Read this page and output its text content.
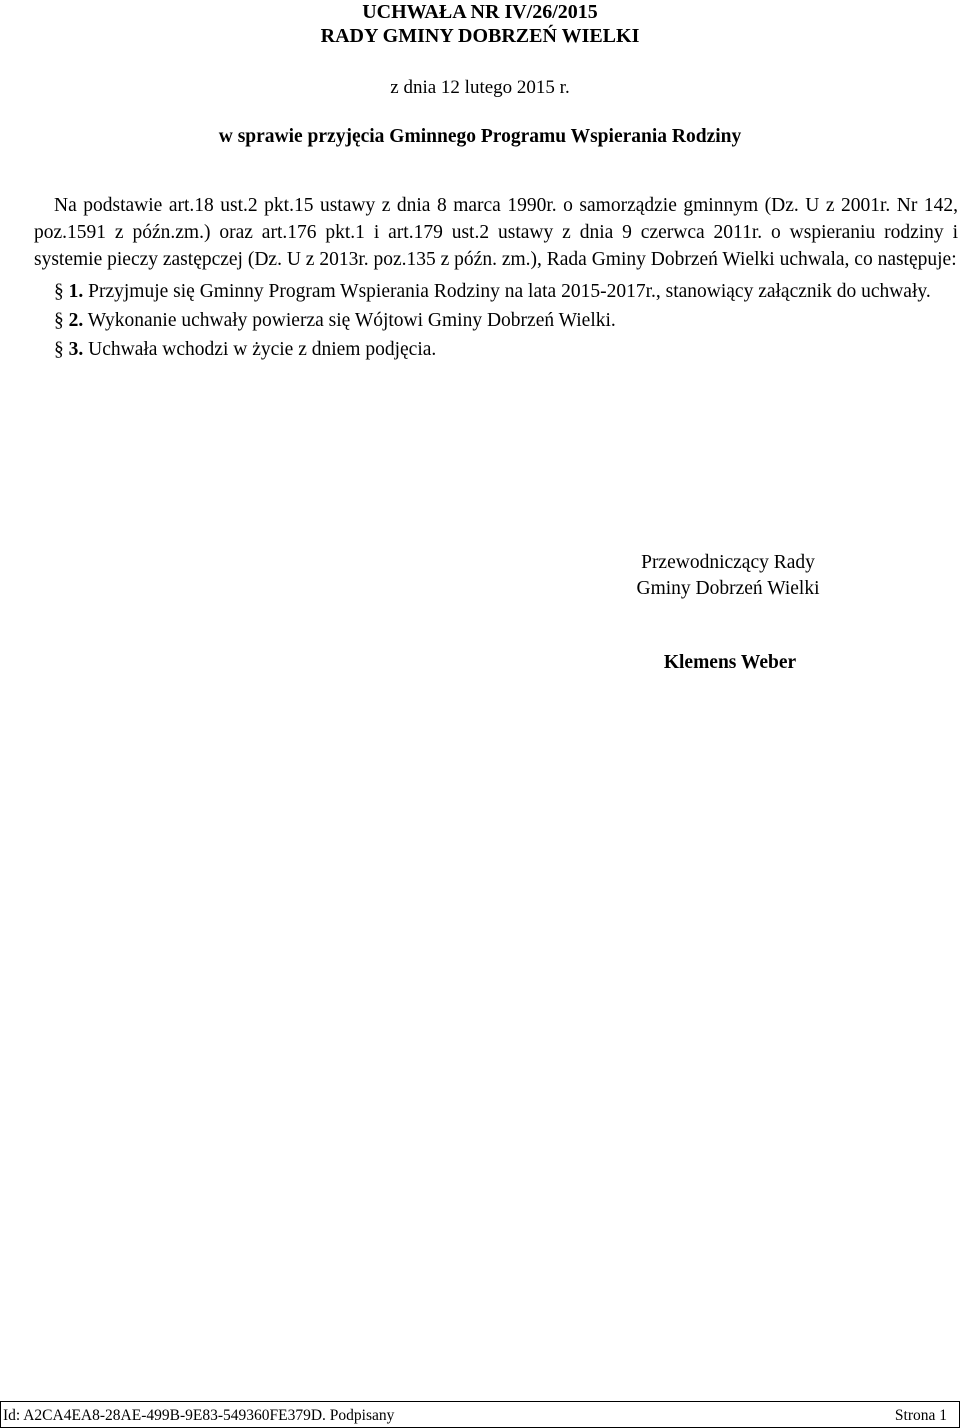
UCHWAŁA NR IV/26/2015
RADY GMINY DOBRZEŃ WIELKI
z dnia 12 lutego 2015 r.
w sprawie przyjęcia Gminnego Programu Wspierania Rodziny

Na podstawie art.18 ust.2 pkt.15 ustawy z dnia 8 marca 1990r. o samorządzie gminnym (Dz. U z 2001r. Nr 142, poz.1591 z późn.zm.) oraz art.176 pkt.1 i art.179 ust.2 ustawy z dnia 9 czerwca 2011r. o wspieraniu rodziny i systemie pieczy zastępczej (Dz. U z 2013r. poz.135 z późn. zm.), Rada Gminy Dobrzeń Wielki uchwala, co następuje:

§ 1. Przyjmuje się Gminny Program Wspierania Rodziny na lata 2015-2017r., stanowiący załącznik do uchwały.

§ 2. Wykonanie uchwały powierza się Wójtowi Gminy Dobrzeń Wielki.

§ 3. Uchwała wchodzi w życie z dniem podjęcia.

Przewodniczący Rady
Gminy Dobrzeń Wielki
Klemens Weber
Id: A2CA4EA8-28AE-499B-9E83-549360FE379D. Podpisany	Strona 1
